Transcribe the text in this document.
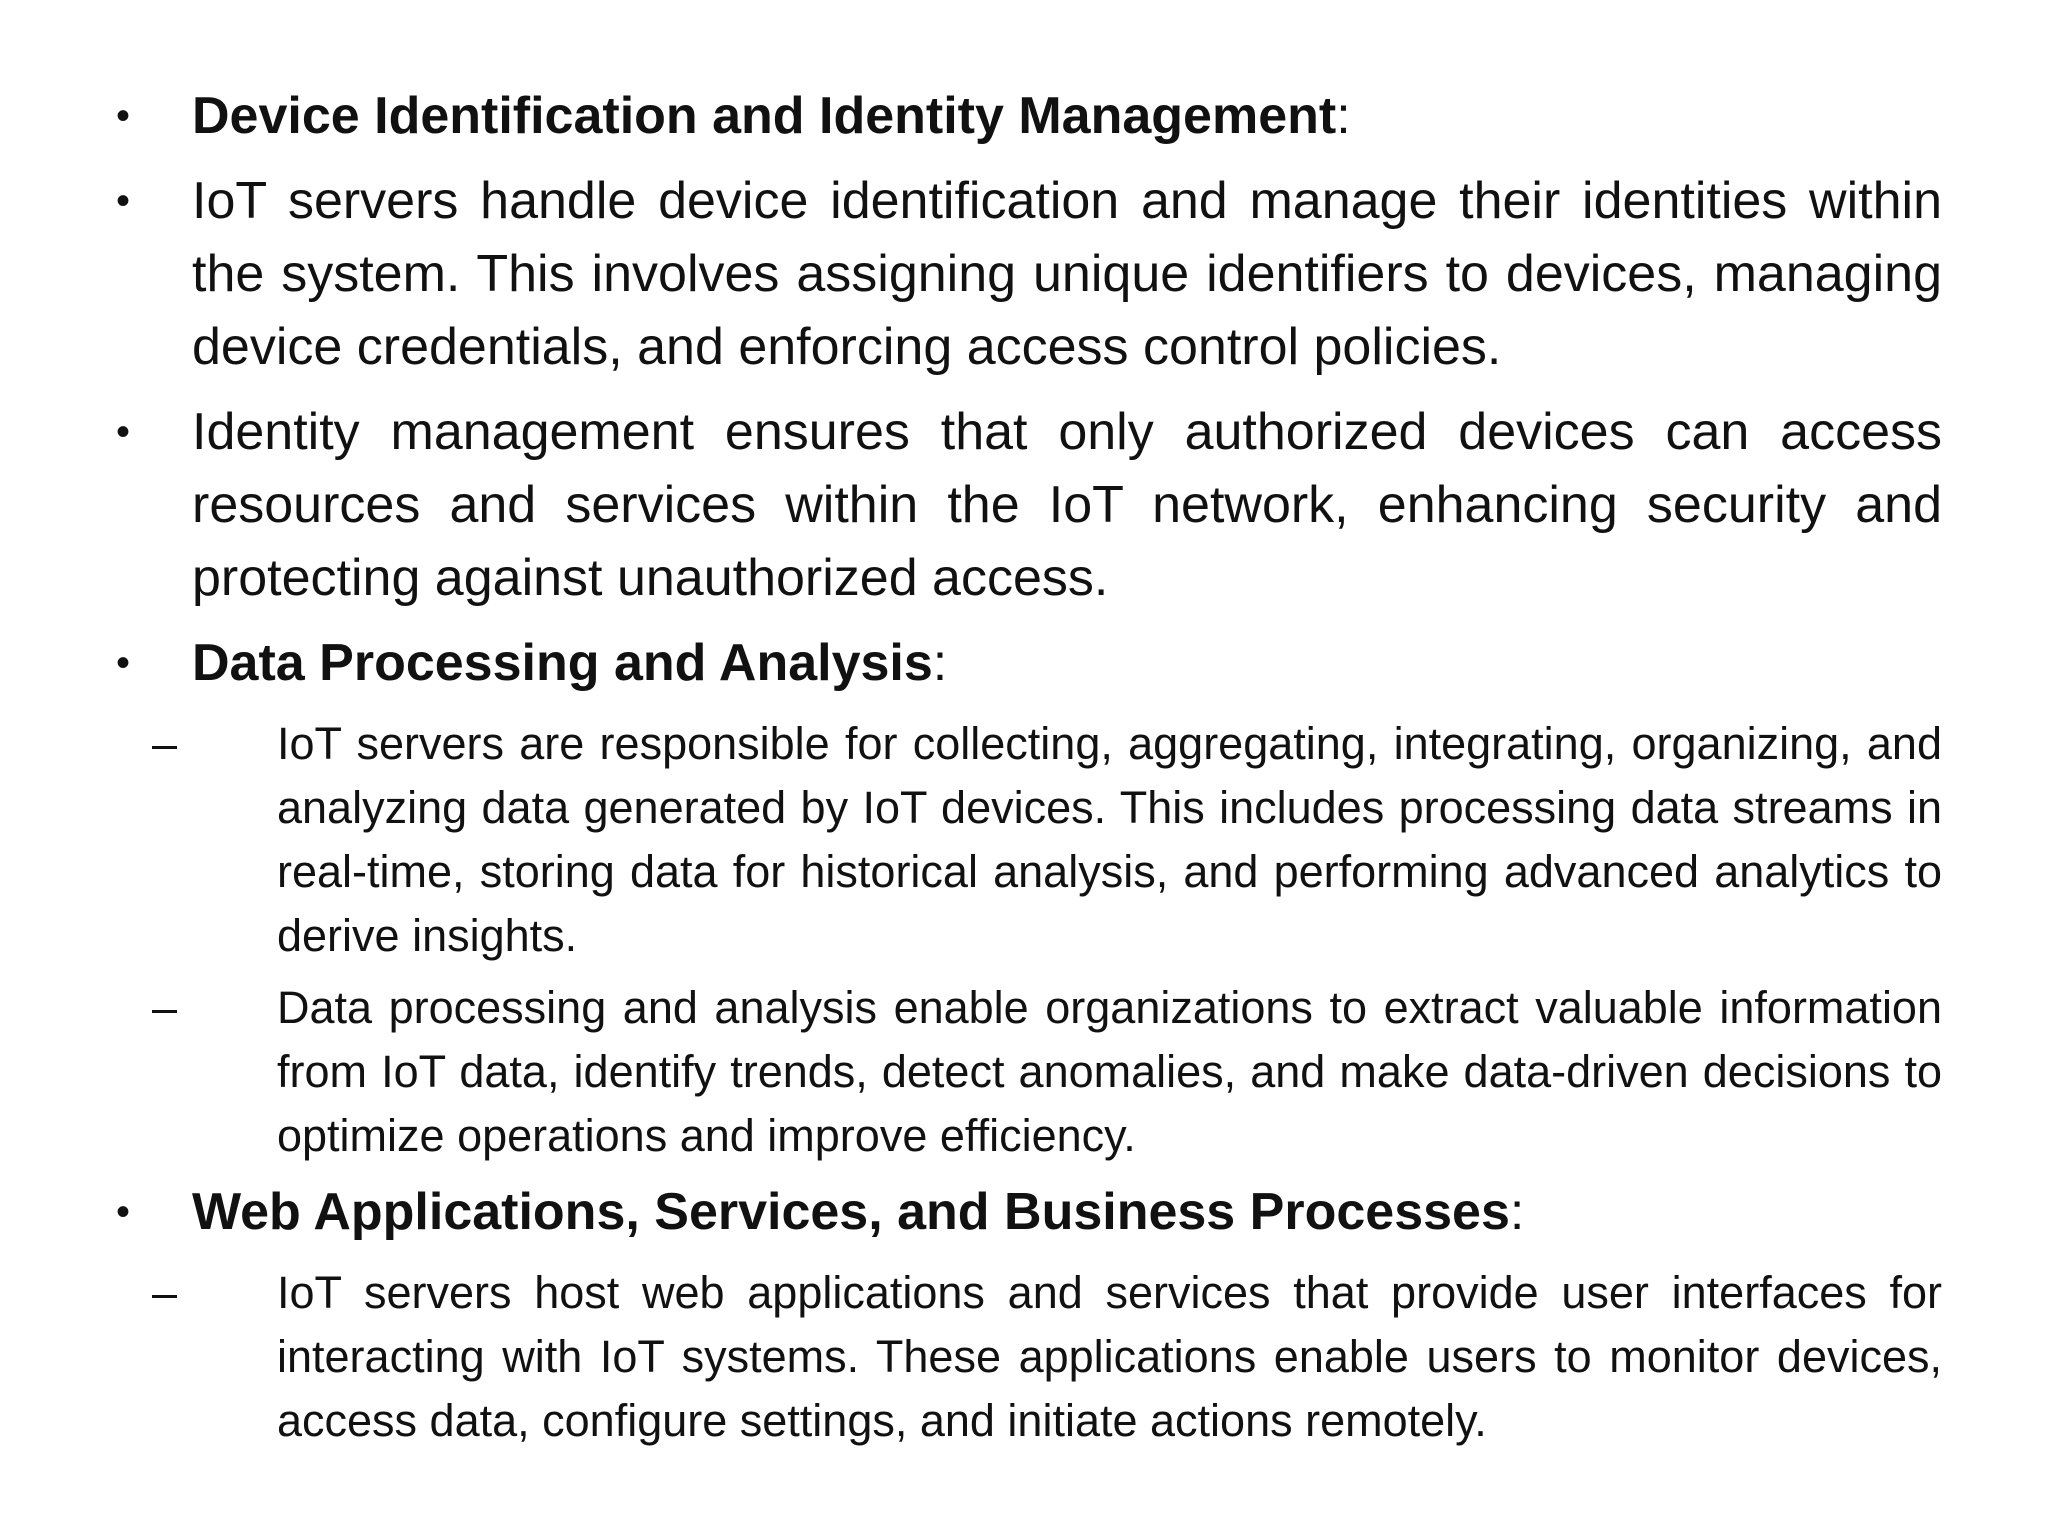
• Device Identification and Identity Management:
• IoT servers handle device identification and manage their identities within the system. This involves assigning unique identifiers to devices, managing device credentials, and enforcing access control policies.
• Identity management ensures that only authorized devices can access resources and services within the IoT network, enhancing security and protecting against unauthorized access.
• Data Processing and Analysis:
– IoT servers are responsible for collecting, aggregating, integrating, organizing, and analyzing data generated by IoT devices. This includes processing data streams in real-time, storing data for historical analysis, and performing advanced analytics to derive insights.
– Data processing and analysis enable organizations to extract valuable information from IoT data, identify trends, detect anomalies, and make data-driven decisions to optimize operations and improve efficiency.
• Web Applications, Services, and Business Processes:
– IoT servers host web applications and services that provide user interfaces for interacting with IoT systems. These applications enable users to monitor devices, access data, configure settings, and initiate actions remotely.
